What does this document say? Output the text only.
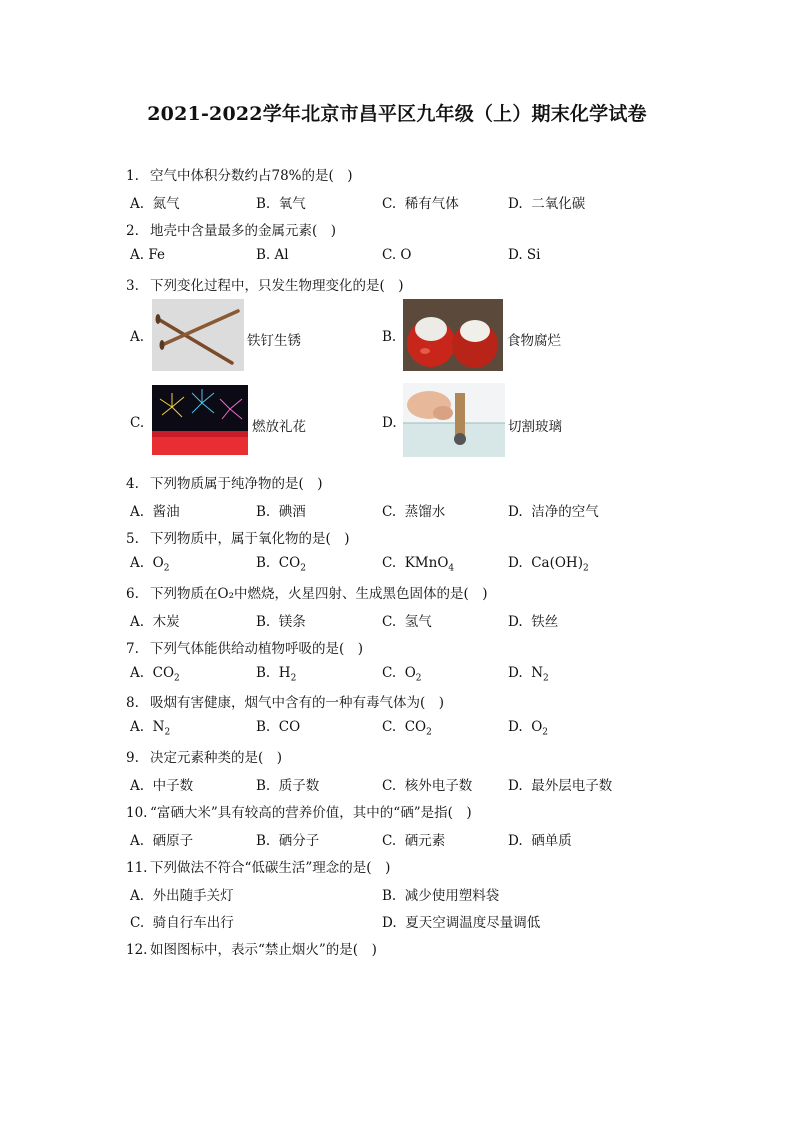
2021-2022学年北京市昌平区九年级（上）期末化学试卷
1. 空气中体积分数约占78%的是(　)
A.  氮气	B.  氧气	C.  稀有气体	D.  二氧化碳
2. 地壳中含量最多的金属元素(　)
A. Fe	B. Al	C. O	D. Si
3. 下列变化过程中，只发生物理变化的是(　)
A.	铁钉生锈	B.	食物腐烂
C.	燃放礼花	D.	切割玻璃
4. 下列物质属于纯净物的是(　)
A.  酱油	B.  碘酒	C.  蒸馏水	D.  洁净的空气
5. 下列物质中，属于氧化物的是(　)
A.  $O_2$	B.  $CO_2$	C.  KMnO$_4$	D.  $Ca(OH)_2$
6. 下列物质在O₂中燃烧，火星四射、生成黑色固体的是(　)
A.  木炭	B.  镁条	C.  氢气	D.  铁丝
7. 下列气体能供给动植物呼吸的是(　)
A.  $CO_2$	B.  $H_2$	C.  $O_2$	D.  $N_2$
8. 吸烟有害健康，烟气中含有的一种有毒气体为(　)
A.  $N_2$	B.  CO	C.  $CO_2$	D.  $O_2$
9. 决定元素种类的是(　)
A.  中子数	B.  质子数	C.  核外电子数	D.  最外层电子数
10. “富硒大米”具有较高的营养价值，其中的“硒”是指(　)
A.  硒原子	B.  硒分子	C.  硒元素	D.  硒单质
11. 下列做法不符合“低碳生活”理念的是(　)
A.  外出随手关灯	B.  减少使用塑料袋
C.  骑自行车出行	D.  夏天空调温度尽量调低
12. 如图图标中，表示“禁止烟火”的是(　)
